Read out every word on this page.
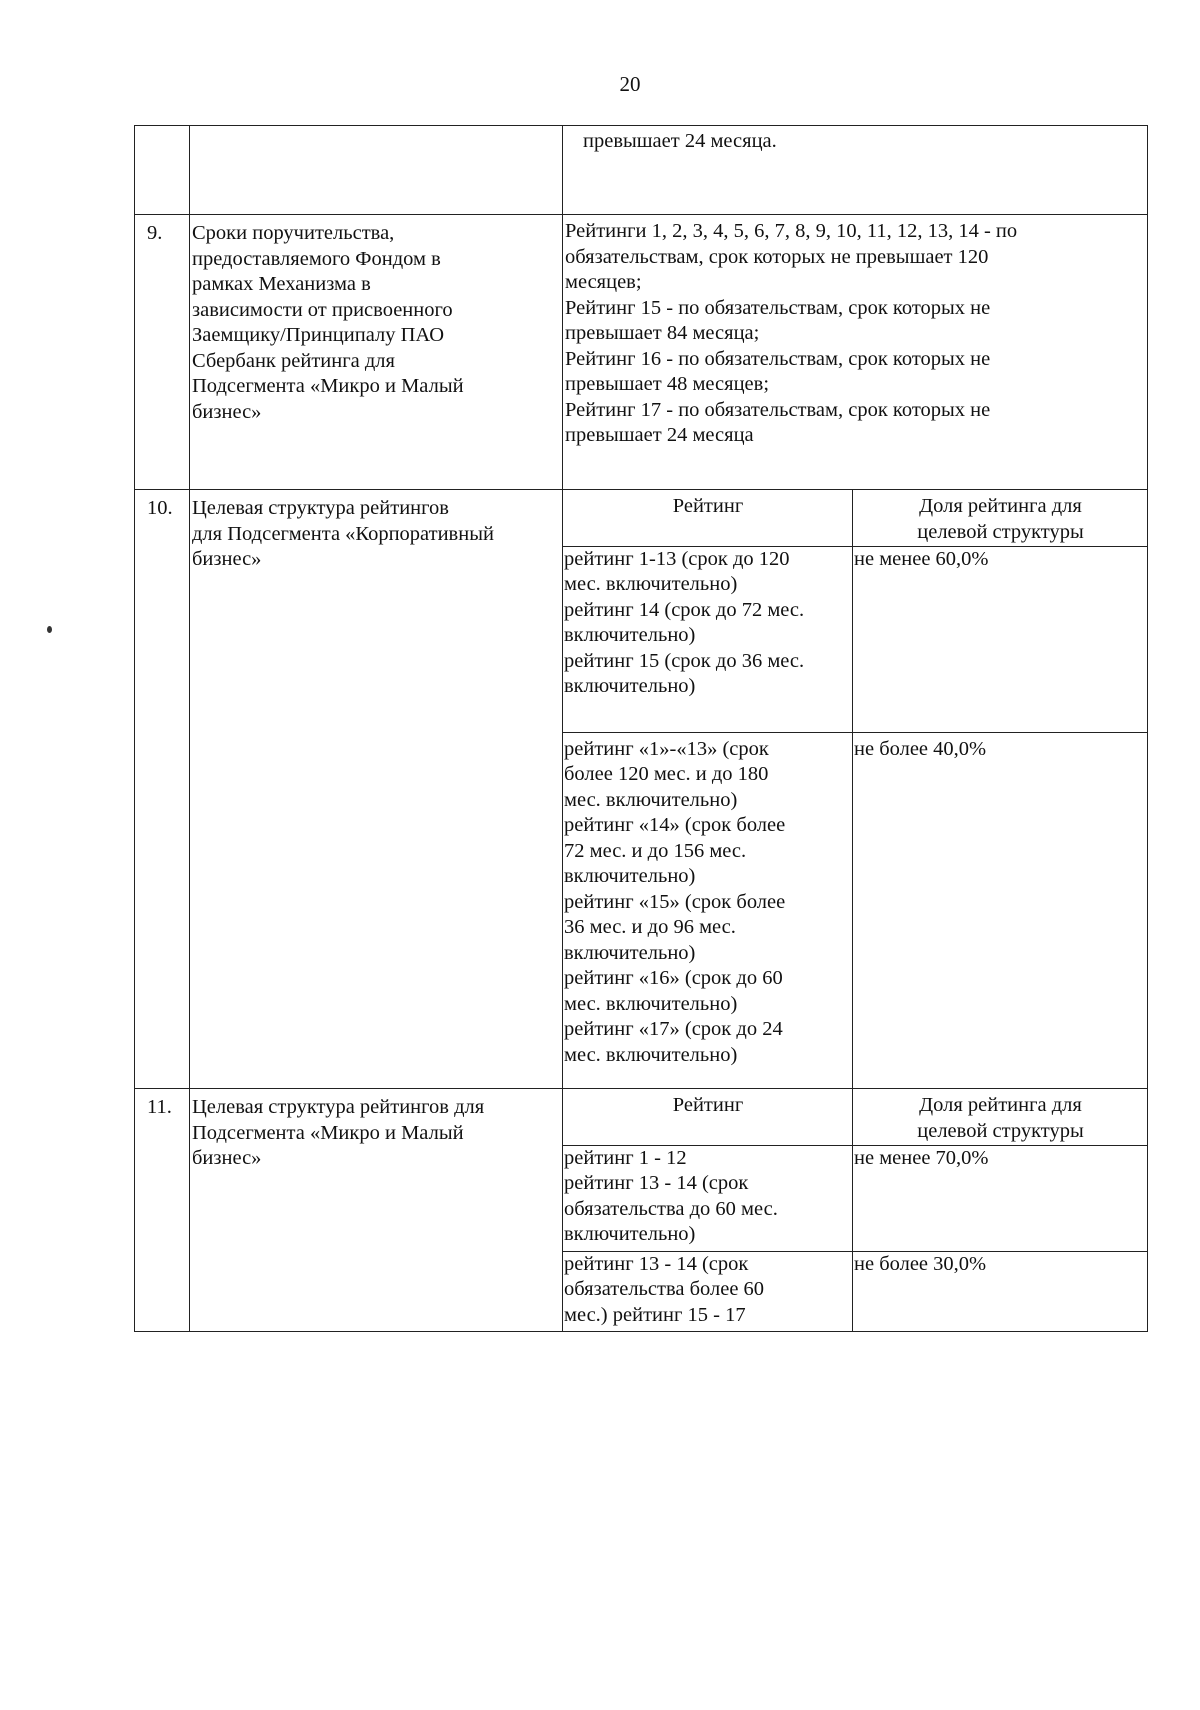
20

превышает 24 месяца.

9.	Сроки поручительства,
предоставляемого Фондом в
рамках Механизма в
зависимости от присвоенного
Заемщику/Принципалу ПАО
Сбербанк рейтинга для
Подсегмента «Микро и Малый
бизнес»

Рейтинги 1, 2, 3, 4, 5, 6, 7, 8, 9, 10, 11, 12, 13, 14 - по
обязательствам, срок которых не превышает 120
месяцев;
Рейтинг 15 - по обязательствам, срок которых не
превышает 84 месяца;
Рейтинг 16 - по обязательствам, срок которых не
превышает 48 месяцев;
Рейтинг 17 - по обязательствам, срок которых не
превышает 24 месяца

10.	Целевая структура рейтингов
для Подсегмента «Корпоративный
бизнес»

Рейтинг	Доля рейтинга для
целевой структуры
рейтинг 1-13 (срок до 120
мес. включительно)
рейтинг 14 (срок до 72 мес.
включительно)
рейтинг 15 (срок до 36 мес.
включительно)	не менее 60,0%
рейтинг «1»-«13» (срок
более 120 мес. и до 180
мес. включительно)
рейтинг «14» (срок более
72 мес. и до 156 мес.
включительно)
рейтинг «15» (срок более
36 мес. и до 96 мес.
включительно)
рейтинг «16» (срок до 60
мес. включительно)
рейтинг «17» (срок до 24
мес. включительно)	не более 40,0%

11.	Целевая структура рейтингов для
Подсегмента «Микро и Малый
бизнес»

Рейтинг	Доля рейтинга для
целевой структуры
рейтинг 1 - 12
рейтинг 13 - 14 (срок
обязательства до 60 мес.
включительно)	не менее 70,0%
рейтинг 13 - 14 (срок
обязательства более 60
мес.) рейтинг 15 - 17	не более 30,0%
